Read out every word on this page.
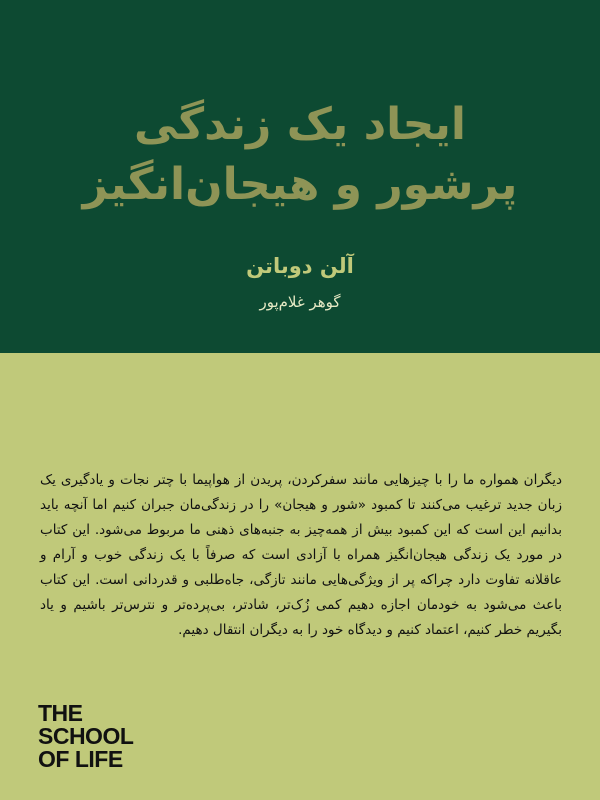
ایجاد یک زندگی
پرشور و هیجان‌انگیز
آلن دوباتن
گوهر غلام‌پور

دیگران همواره ما را با چیزهایی مانند سفرکردن، پریدن از هواپیما با چتر نجات و یادگیری یک زبان جدید ترغیب می‌کنند تا کمبود «شور و هیجان» را در زندگی‌مان جبران کنیم اما آنچه باید بدانیم این است که این کمبود بیش از همه‌چیز به جنبه‌های ذهنی ما مربوط می‌شود. این کتاب در مورد یک زندگی هیجان‌انگیز همراه با آزادی است که صرفاً با یک زندگی خوب و آرام و عاقلانه تفاوت دارد چراکه پر از ویژگی‌هایی مانند تازگی، جاه‌طلبی و قدردانی است. این کتاب باعث می‌شود به خودمان اجازه دهیم کمی زُک‌تر، شادتر، بی‌پرده‌تر و نترس‌تر باشیم و یاد بگیریم خطر کنیم، اعتماد کنیم و دیدگاه خود را به دیگران انتقال دهیم.

THE
SCHOOL
OF LIFE
